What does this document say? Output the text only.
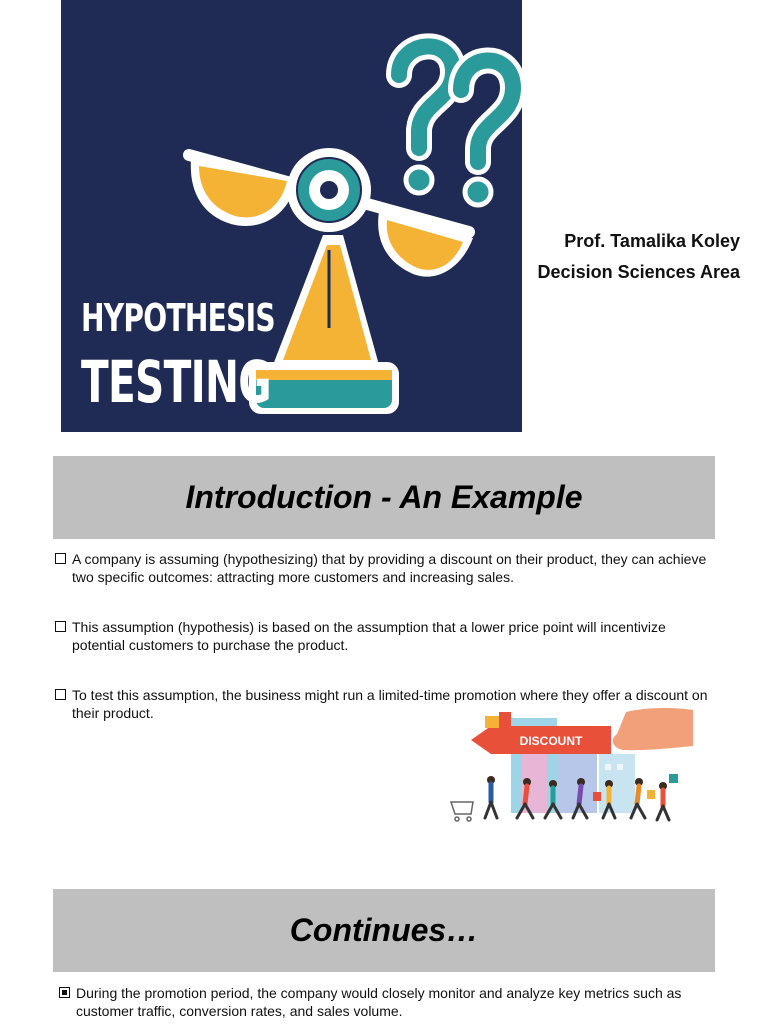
HYPOTHESIS
TESTING
Prof. Tamalika Koley
Decision Sciences Area
Introduction - An Example

A company is assuming (hypothesizing) that by providing a discount on their product, they can achieve two specific outcomes: attracting more customers and increasing sales.

This assumption (hypothesis) is based on the assumption that a lower price point will incentivize potential customers to purchase the product.

To test this assumption, the business might run a limited-time promotion where they offer a discount on their product.

DISCOUNT
Continues…

During the promotion period, the company would closely monitor and analyze key metrics such as customer traffic, conversion rates, and sales volume.
